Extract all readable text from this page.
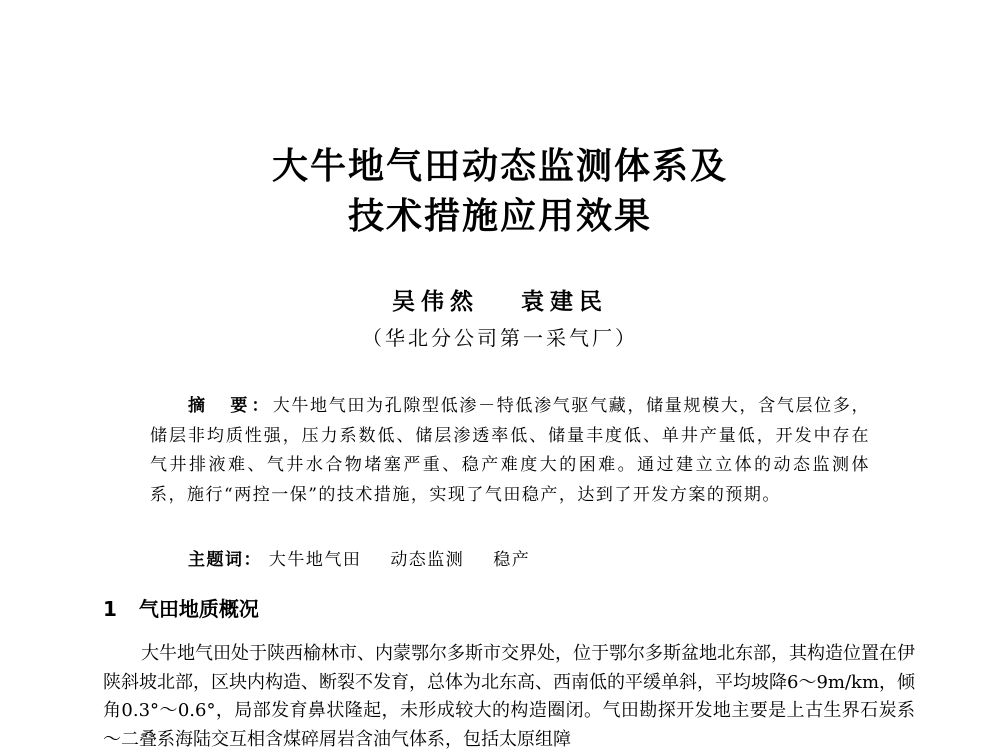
大牛地气田动态监测体系及
技术措施应用效果
吴伟然 袁建民
（华北分公司第一采气厂）

摘　要：大牛地气田为孔隙型低渗－特低渗气驱气藏，储量规模大，含气层位多，储层非均质性强，压力系数低、储层渗透率低、储量丰度低、单井产量低，开发中存在气井排液难、气井水合物堵塞严重、稳产难度大的困难。通过建立立体的动态监测体系，施行“两控一保”的技术措施，实现了气田稳产，达到了开发方案的预期。

主题词： 大牛地气田 动态监测 稳产
1 气田地质概况

大牛地气田处于陕西榆林市、内蒙鄂尔多斯市交界处，位于鄂尔多斯盆地北东部，其构造位置在伊陕斜坡北部，区块内构造、断裂不发育，总体为北东高、西南低的平缓单斜，平均坡降6～9m/km，倾角0.3°～0.6°，局部发育鼻状隆起，未形成较大的构造圈闭。气田勘探开发地主要是上古生界石炭系～二叠系海陆交互相含煤碎屑岩含油气体系，包括太原组障
